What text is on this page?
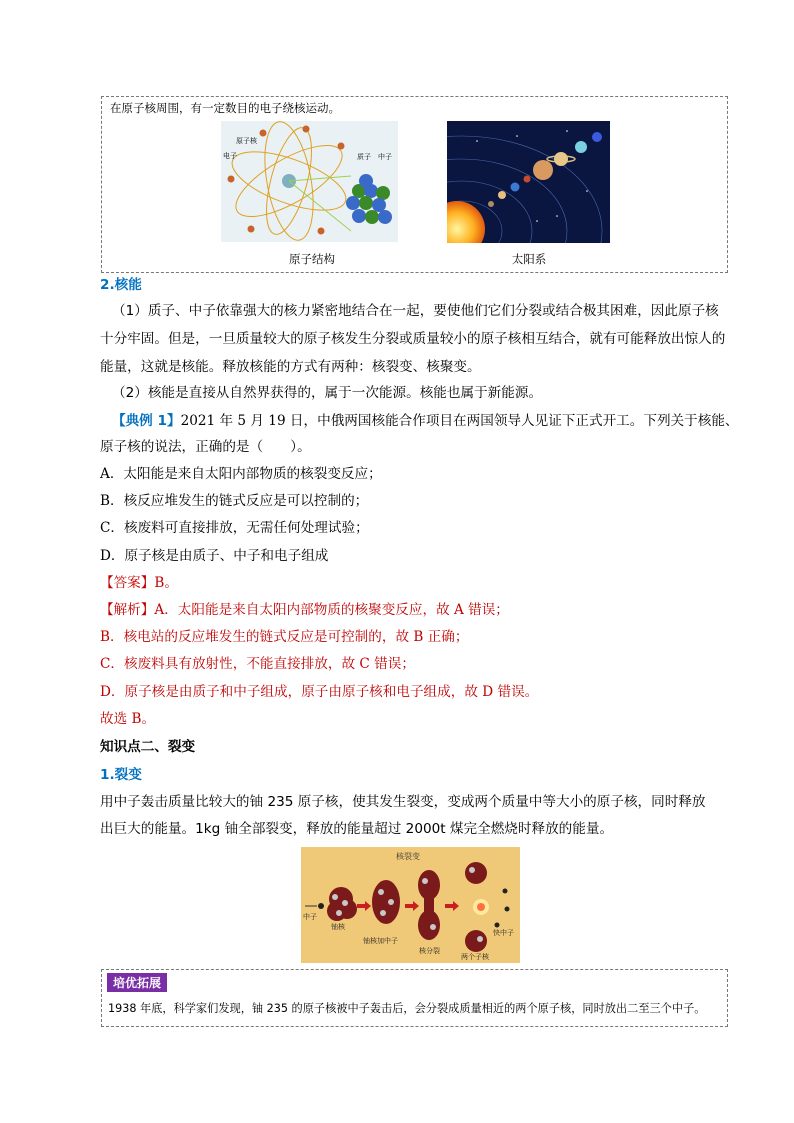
在原子核周围，有一定数目的电子绕核运动。
原子核
电子	质子 中子
原子结构	太阳系
2.核能
（1）质子、中子依靠强大的核力紧密地结合在一起，要使他们它们分裂或结合极其困难，因此原子核
十分牢固。但是，一旦质量较大的原子核发生分裂或质量较小的原子核相互结合，就有可能释放出惊人的
能量，这就是核能。释放核能的方式有两种：核裂变、核聚变。
（2）核能是直接从自然界获得的，属于一次能源。核能也属于新能源。
【典例 1】2021 年 5 月 19 日，中俄两国核能合作项目在两国领导人见证下正式开工。下列关于核能、
原子核的说法，正确的是（　　）。
A．太阳能是来自太阳内部物质的核裂变反应；
B．核反应堆发生的链式反应是可以控制的；
C．核废料可直接排放，无需任何处理试验；
D．原子核是由质子、中子和电子组成
【答案】B。
【解析】A．太阳能是来自太阳内部物质的核聚变反应，故 A 错误；
B．核电站的反应堆发生的链式反应是可控制的，故 B 正确；
C．核废料具有放射性，不能直接排放，故 C 错误；
D．原子核是由质子和中子组成，原子由原子核和电子组成，故 D 错误。
故选 B。
知识点二、裂变
1.裂变
用中子轰击质量比较大的铀 235 原子核，使其发生裂变，变成两个质量中等大小的原子核，同时释放
出巨大的能量。1kg 铀全部裂变，释放的能量超过 2000t 煤完全燃烧时释放的能量。
核裂变
中子
铀核
铀核加中子
核分裂
快中子
两个子核
培优拓展
1938 年底，科学家们发现，铀 235 的原子核被中子轰击后，会分裂成质量相近的两个原子核，同时放出二至三个中子。
